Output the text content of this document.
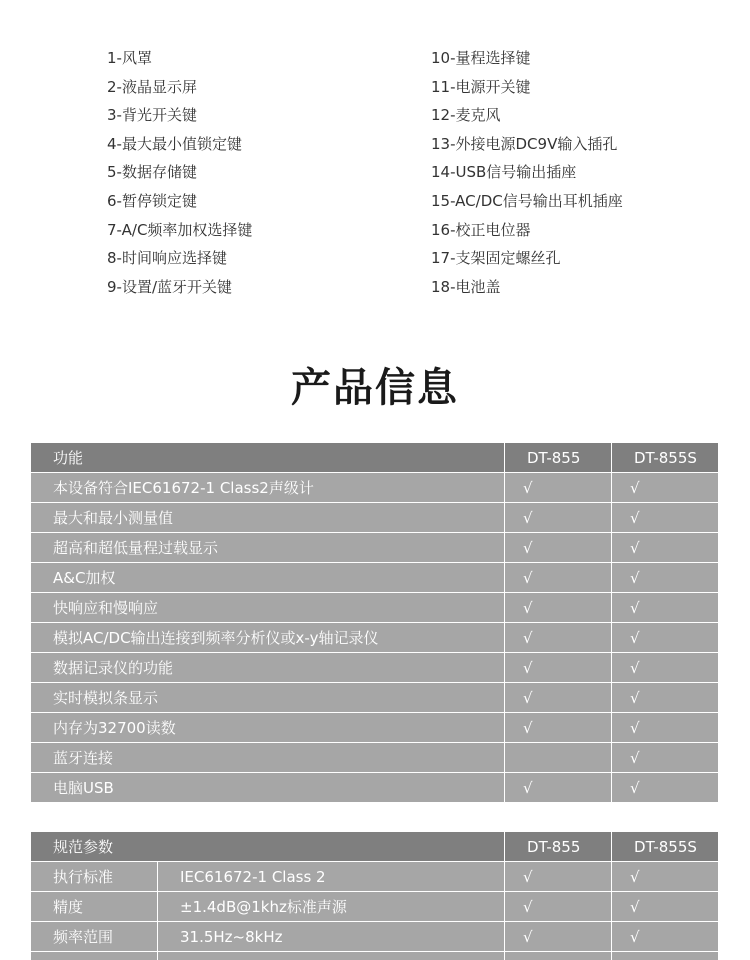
1-风罩
2-液晶显示屏
3-背光开关键
4-最大最小值锁定键
5-数据存储键
6-暂停锁定键
7-A/C频率加权选择键
8-时间响应选择键
9-设置/蓝牙开关键
10-量程选择键
11-电源开关键
12-麦克风
13-外接电源DC9V输入插孔
14-USB信号输出插座
15-AC/DC信号输出耳机插座
16-校正电位器
17-支架固定螺丝孔
18-电池盖
产品信息
功能	DT-855	DT-855S
本设备符合IEC61672-1 Class2声级计	√	√
最大和最小测量值	√	√
超高和超低量程过载显示	√	√
A&C加权	√	√
快响应和慢响应	√	√
模拟AC/DC输出连接到频率分析仪或x-y轴记录仪	√	√
数据记录仪的功能	√	√
实时模拟条显示	√	√
内存为32700读数	√	√
蓝牙连接		√
电脑USB	√	√
规范参数		DT-855	DT-855S
执行标准	IEC61672-1 Class 2	√	√
精度	±1.4dB@1khz标准声源	√	√
频率范围	31.5Hz~8kHz	√	√
